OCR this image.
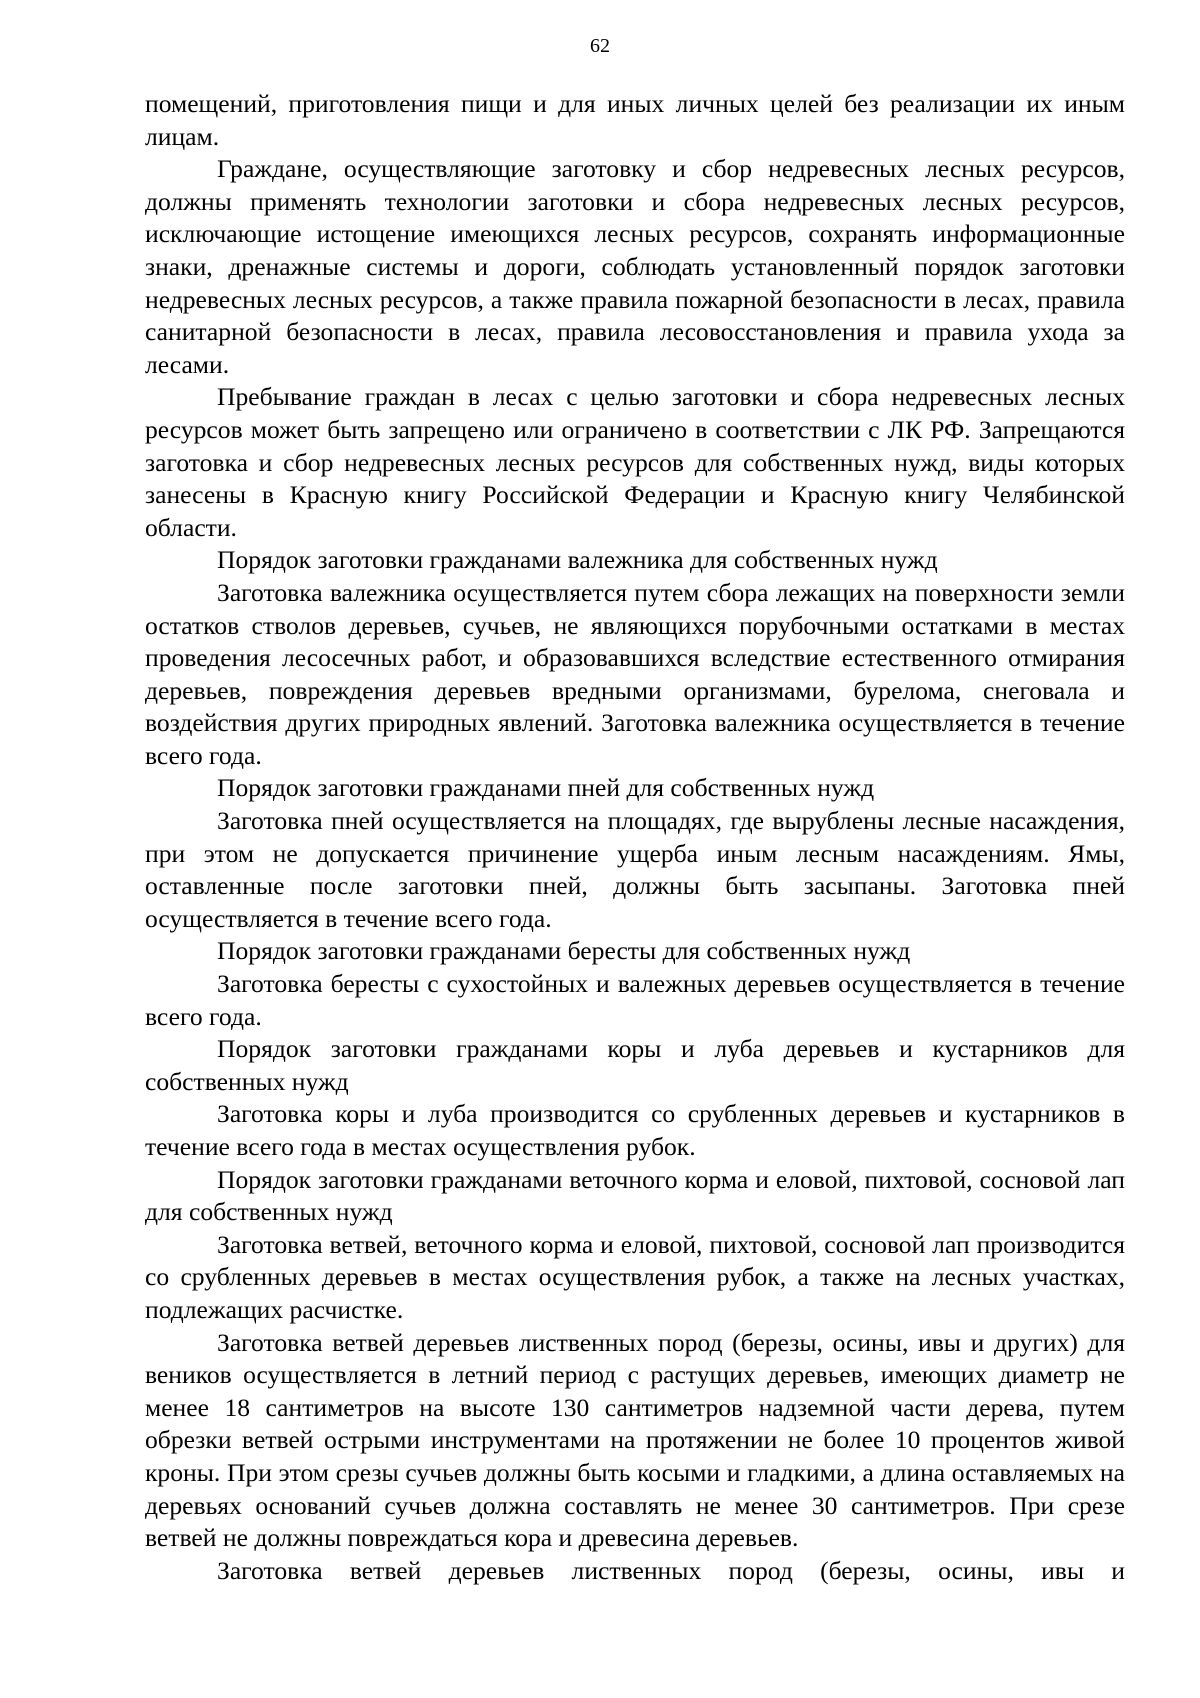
62

помещений, приготовления пищи и для иных личных целей без реализации их иным лицам.

Граждане, осуществляющие заготовку и сбор недревесных лесных ресурсов, должны применять технологии заготовки и сбора недревесных лесных ресурсов, исключающие истощение имеющихся лесных ресурсов, сохранять информационные знаки, дренажные системы и дороги, соблюдать установленный порядок заготовки недревесных лесных ресурсов, а также правила пожарной безопасности в лесах, правила санитарной безопасности в лесах, правила лесовосстановления и правила ухода за лесами.

Пребывание граждан в лесах с целью заготовки и сбора недревесных лесных ресурсов может быть запрещено или ограничено в соответствии с ЛК РФ. Запрещаются заготовка и сбор недревесных лесных ресурсов для собственных нужд, виды которых занесены в Красную книгу Российской Федерации и Красную книгу Челябинской области.

Порядок заготовки гражданами валежника для собственных нужд

Заготовка валежника осуществляется путем сбора лежащих на поверхности земли остатков стволов деревьев, сучьев, не являющихся порубочными остатками в местах проведения лесосечных работ, и образовавшихся вследствие естественного отмирания деревьев, повреждения деревьев вредными организмами, бурелома, снеговала и воздействия других природных явлений. Заготовка валежника осуществляется в течение всего года.

Порядок заготовки гражданами пней для собственных нужд

Заготовка пней осуществляется на площадях, где вырублены лесные насаждения, при этом не допускается причинение ущерба иным лесным насаждениям. Ямы, оставленные после заготовки пней, должны быть засыпаны. Заготовка пней осуществляется в течение всего года.

Порядок заготовки гражданами бересты для собственных нужд

Заготовка бересты с сухостойных и валежных деревьев осуществляется в течение всего года.

Порядок заготовки гражданами коры и луба деревьев и кустарников для собственных нужд

Заготовка коры и луба производится со срубленных деревьев и кустарников в течение всего года в местах осуществления рубок.

Порядок заготовки гражданами веточного корма и еловой, пихтовой, сосновой лап для собственных нужд

Заготовка ветвей, веточного корма и еловой, пихтовой, сосновой лап производится со срубленных деревьев в местах осуществления рубок, а также на лесных участках, подлежащих расчистке.

Заготовка ветвей деревьев лиственных пород (березы, осины, ивы и других) для веников осуществляется в летний период с растущих деревьев, имеющих диаметр не менее 18 сантиметров на высоте 130 сантиметров надземной части дерева, путем обрезки ветвей острыми инструментами на протяжении не более 10 процентов живой кроны. При этом срезы сучьев должны быть косыми и гладкими, а длина оставляемых на деревьях оснований сучьев должна составлять не менее 30 сантиметров. При срезе ветвей не должны повреждаться кора и древесина деревьев.

Заготовка ветвей деревьев лиственных пород (березы, осины, ивы и
